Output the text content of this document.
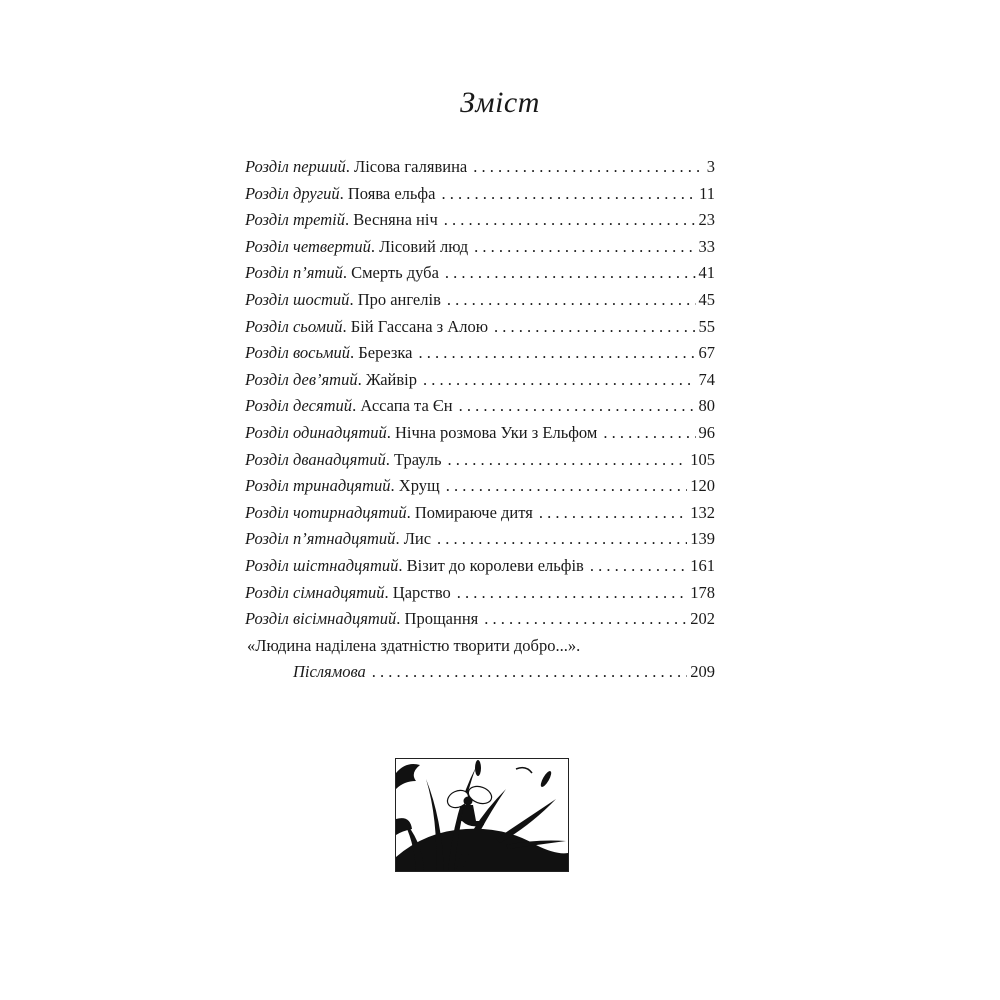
Зміст
Розділ перший . Лісова галявина . . .	3
Розділ другий . Поява ельфа . . .	11
Розділ третій . Весняна ніч . . .	23
Розділ четвертий . Лісовий люд . . .	33
Розділ п’ятий . Смерть дуба . . .	41
Розділ шостий . Про ангелів . . .	45
Розділ сьомий . Бій Гассана з Алою . . .	55
Розділ восьмий . Березка . . .	67
Розділ дев’ятий . Жайвір . . .	74
Розділ десятий . Ассапа та Єн . . .	80
Розділ одинадцятий . Нічна розмова Уки з Ельфом . . .	96
Розділ дванадцятий . Трауль . . .	105
Розділ тринадцятий . Хрущ . . .	120
Розділ чотирнадцятий . Помираюче дитя . . .	132
Розділ п’ятнадцятий . Лис . . .	139
Розділ шістнадцятий . Візит до королеви ельфів . . .	161
Розділ сімнадцятий . Царство . . .	178
Розділ вісімнадцятий . Прощання . . .	202
«Людина наділена здатністю творити добро...».
Післямова . . .	209
